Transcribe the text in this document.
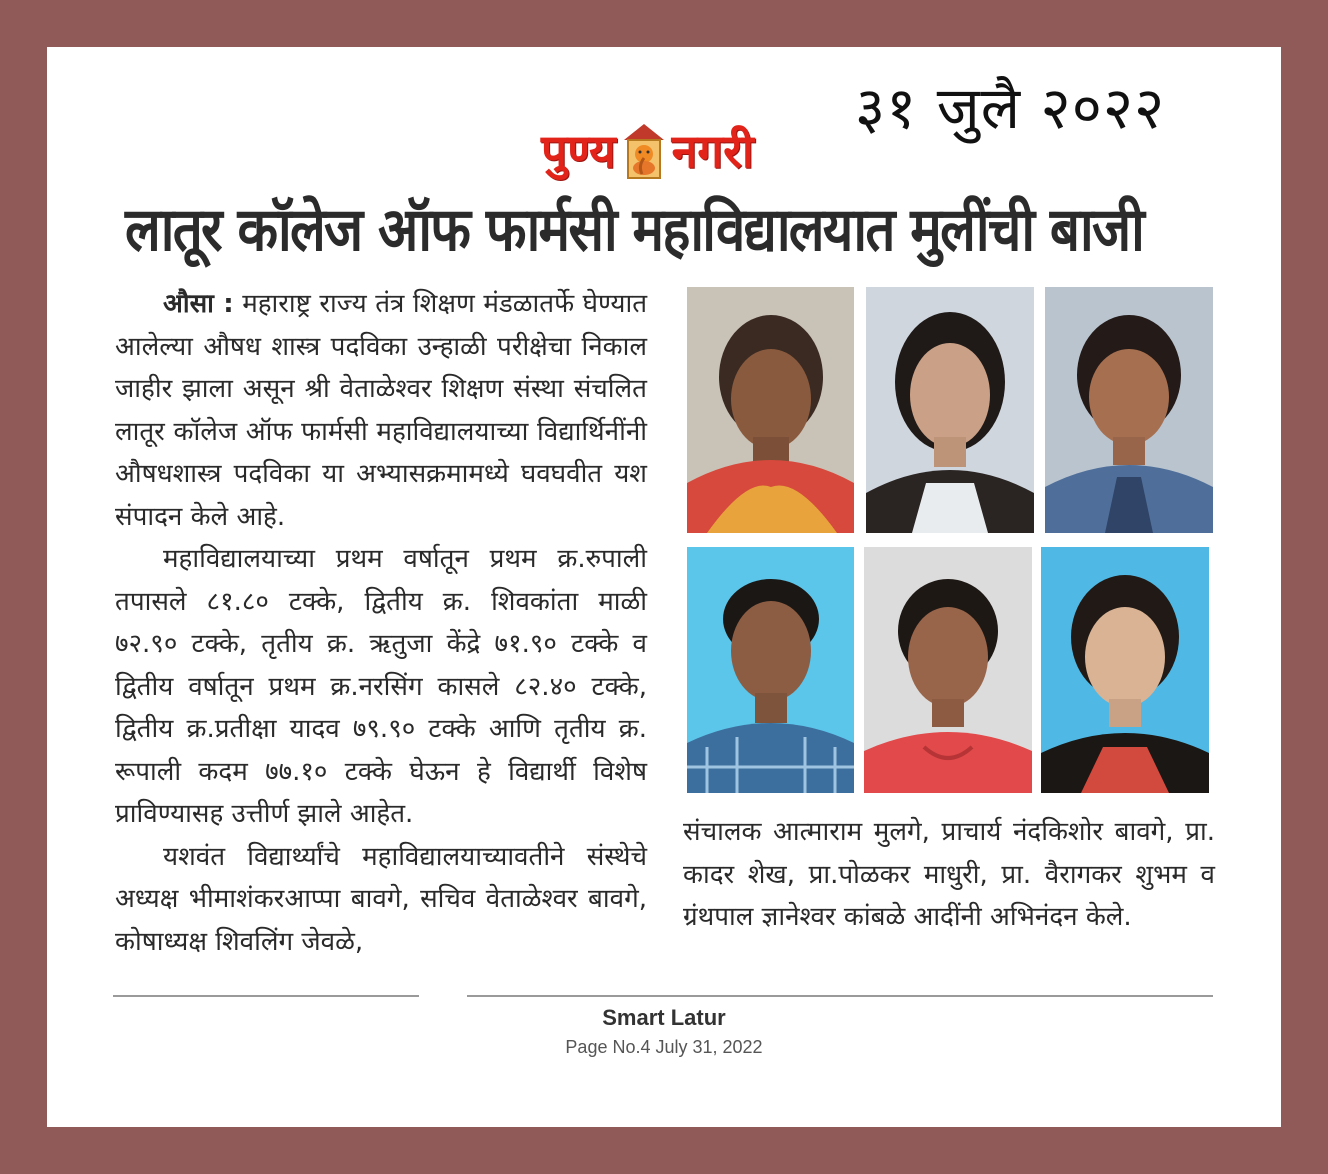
३१ जुलै २०२२
पुण्य नगरी
लातूर कॉलेज ऑफ फार्मसी महाविद्यालयात मुलींची बाजी

औसा : महाराष्ट्र राज्य तंत्र शिक्षण मंडळातर्फे घेण्यात आलेल्या औषध शास्त्र पदविका उन्हाळी परीक्षेचा निकाल जाहीर झाला असून श्री वेताळेश्वर शिक्षण संस्था संचलित लातूर कॉलेज ऑफ फार्मसी महाविद्यालयाच्या विद्यार्थिनींनी औषधशास्त्र पदविका या अभ्यासक्रमामध्ये घवघवीत यश संपादन केले आहे.

महाविद्यालयाच्या प्रथम वर्षातून प्रथम क्र.रुपाली तपासले ८१.८० टक्के, द्वितीय क्र. शिवकांता माळी ७२.९० टक्के, तृतीय क्र. ऋतुजा केंद्रे ७१.९० टक्के व द्वितीय वर्षातून प्रथम क्र.नरसिंग कासले ८२.४० टक्के, द्वितीय क्र.प्रतीक्षा यादव ७९.९० टक्के आणि तृतीय क्र. रूपाली कदम ७७.१० टक्के घेऊन हे विद्यार्थी विशेष प्राविण्यासह उत्तीर्ण झाले आहेत.

यशवंत विद्यार्थ्यांचे महाविद्यालयाच्यावतीने संस्थेचे अध्यक्ष भीमाशंकरआप्पा बावगे, सचिव वेताळेश्वर बावगे, कोषाध्यक्ष शिवलिंग जेवळे,

संचालक आत्माराम मुलगे, प्राचार्य नंदकिशोर बावगे, प्रा. कादर शेख, प्रा.पोळकर माधुरी, प्रा. वैरागकर शुभम व ग्रंथपाल ज्ञानेश्वर कांबळे आदींनी अभिनंदन केले.

Smart Latur
Page No.4 July 31, 2022
